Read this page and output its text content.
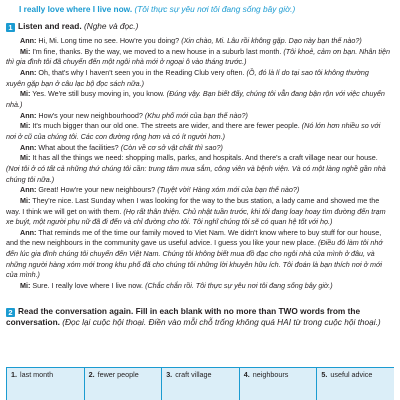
I really love where I live now. (Tôi thực sự yêu nơi tôi đang sống bây giờ.)
1 Listen and read. (Nghe và đọc.)

Ann: Hi, Mi. Long time no see. How're you doing? (Xin chào, Mi. Lâu rồi không gặp. Dạo này bạn thế nào?)

Mi: I'm fine, thanks. By the way, we moved to a new house in a suburb last month. (Tôi khoẻ, cảm ơn bạn. Nhân tiện thì gia đình tôi đã chuyển đến một ngôi nhà mới ở ngoại ô vào tháng trước.)

Ann: Oh, that's why I haven't seen you in the Reading Club very often. (Ồ, đó là lí do tại sao tôi không thường xuyên gặp bạn ở câu lạc bộ đọc sách nữa.)

Mi: Yes. We're still busy moving in, you know. (Đúng vậy. Bạn biết đấy, chúng tôi vẫn đang bận rộn với việc chuyển nhà.)

Ann: How's your new neighbourhood? (Khu phố mới của bạn thế nào?)

Mi: It's much bigger than our old one. The streets are wider, and there are fewer people. (Nó lớn hơn nhiều so với nơi ở cũ của chúng tôi. Các con đường rộng hơn và có ít người hơn.)

Ann: What about the facilities? (Còn về cơ sở vật chất thì sao?)

Mi: It has all the things we need: shopping malls, parks, and hospitals. And there's a craft village near our house. (Nơi tôi ở có tất cả những thứ chúng tôi cần: trung tâm mua sắm, công viên và bệnh viện. Và có một làng nghề gần nhà chúng tôi nữa.)

Ann: Great! How're your new neighbours? (Tuyệt vời! Hàng xóm mới của bạn thế nào?)

Mi: They're nice. Last Sunday when I was looking for the way to the bus station, a lady came and showed me the way. I think we will get on with them. (Họ rất thân thiện. Chủ nhật tuần trước, khi tôi đang loay hoay tìm đường đến trạm xe buýt, một người phụ nữ đã đi đến và chỉ đường cho tôi. Tôi nghĩ chúng tôi sẽ có quan hệ tốt với họ.)

Ann: That reminds me of the time our family moved to Viet Nam. We didn't know where to buy stuff for our house, and the new neighbours in the community gave us useful advice. I guess you like your new place. (Điều đó làm tôi nhớ đến lúc gia đình chúng tôi chuyển đến Việt Nam. Chúng tôi không biết mua đồ đạc cho ngôi nhà của mình ở đâu, và những người hàng xóm mới trong khu phố đã cho chúng tôi những lời khuyên hữu ích. Tôi đoán là bạn thích nơi ở mới của mình.)

Mi: Sure. I really love where I live now. (Chắc chắn rồi. Tôi thực sự yêu nơi tôi đang sống bây giờ.)

2 Read the conversation again. Fill in each blank with no more than TWO words from the conversation. (Đọc lại cuộc hội thoại. Điền vào mỗi chỗ trống không quá HAI từ trong cuộc hội thoại.)
1. last month	2. fewer people	3. craft village	4. neighbours	5. useful advice
